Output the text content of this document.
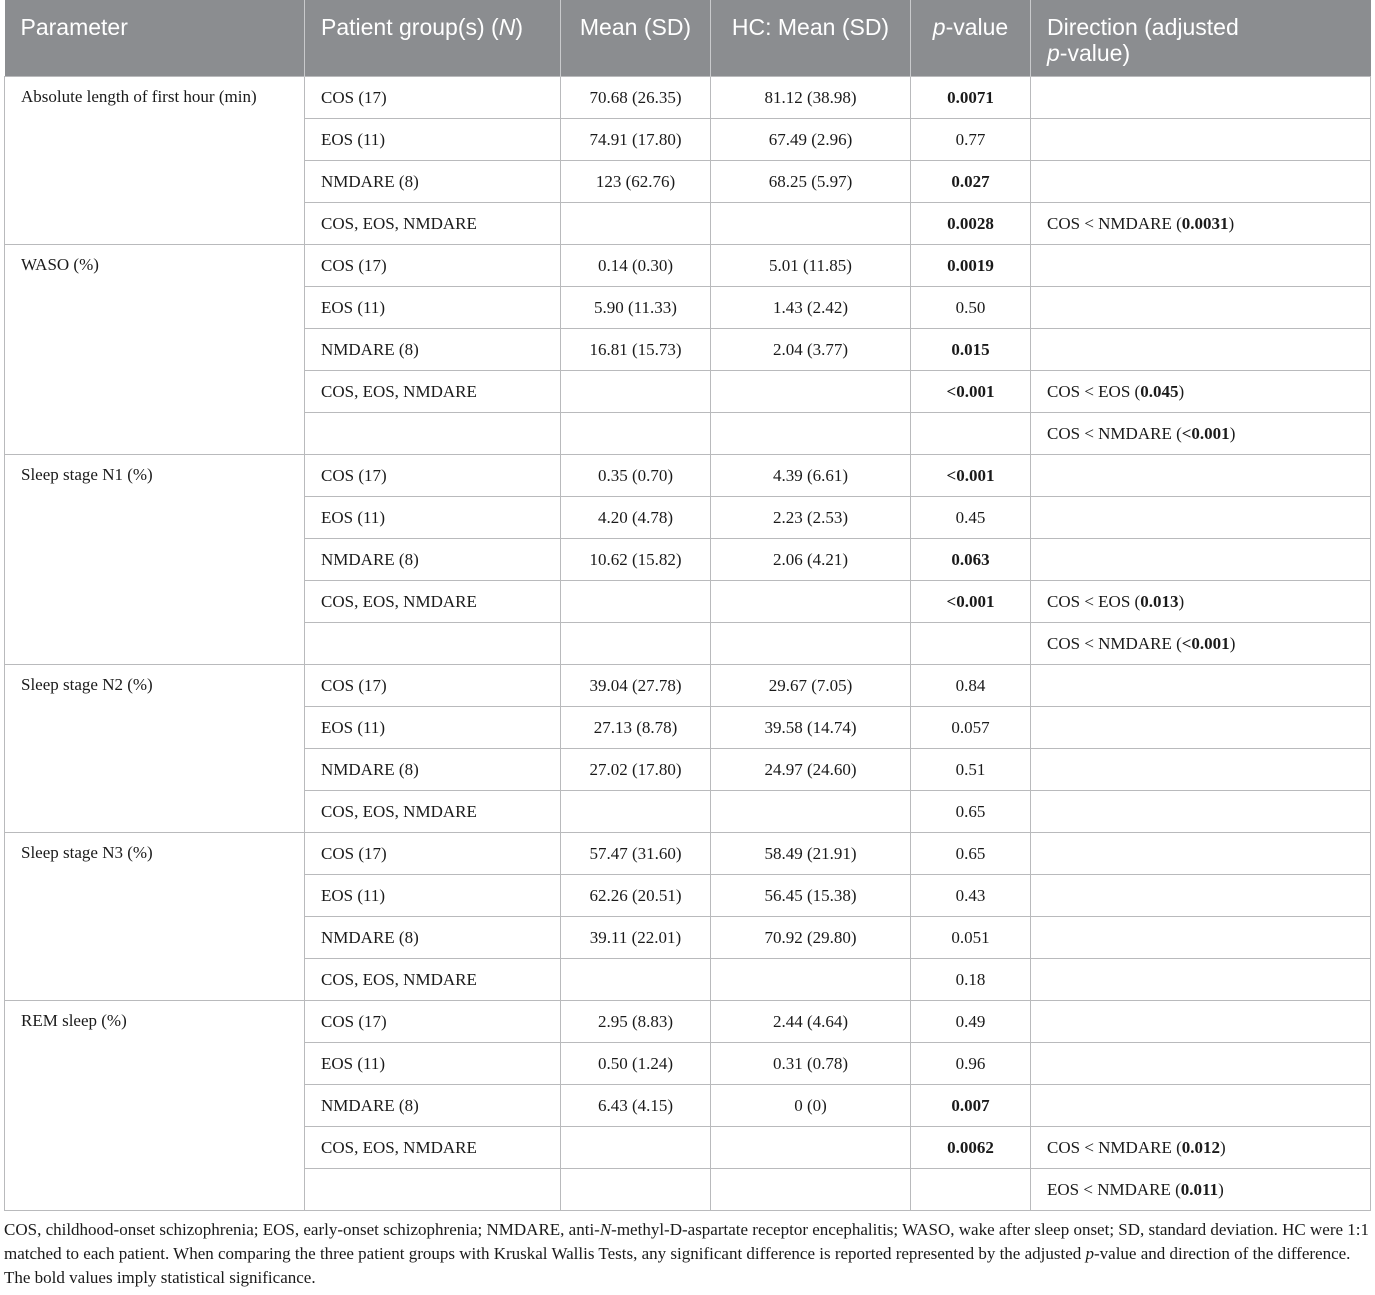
Parameter	Patient group(s) (N)	Mean (SD)	HC: Mean (SD)	p-value	Direction (adjusted
p-value)
Absolute length of first hour (min)	COS (17)	70.68 (26.35)	81.12 (38.98)	0.0071	
	EOS (11)	74.91 (17.80)	67.49 (2.96)	0.77	
	NMDARE (8)	123 (62.76)	68.25 (5.97)	0.027	
	COS, EOS, NMDARE			0.0028	COS < NMDARE (0.0031)
WASO (%)	COS (17)	0.14 (0.30)	5.01 (11.85)	0.0019	
	EOS (11)	5.90 (11.33)	1.43 (2.42)	0.50	
	NMDARE (8)	16.81 (15.73)	2.04 (3.77)	0.015	
	COS, EOS, NMDARE			<0.001	COS < EOS (0.045)
					COS < NMDARE (<0.001)
Sleep stage N1 (%)	COS (17)	0.35 (0.70)	4.39 (6.61)	<0.001	
	EOS (11)	4.20 (4.78)	2.23 (2.53)	0.45	
	NMDARE (8)	10.62 (15.82)	2.06 (4.21)	0.063	
	COS, EOS, NMDARE			<0.001	COS < EOS (0.013)
					COS < NMDARE (<0.001)
Sleep stage N2 (%)	COS (17)	39.04 (27.78)	29.67 (7.05)	0.84	
	EOS (11)	27.13 (8.78)	39.58 (14.74)	0.057	
	NMDARE (8)	27.02 (17.80)	24.97 (24.60)	0.51	
	COS, EOS, NMDARE			0.65	
Sleep stage N3 (%)	COS (17)	57.47 (31.60)	58.49 (21.91)	0.65	
	EOS (11)	62.26 (20.51)	56.45 (15.38)	0.43	
	NMDARE (8)	39.11 (22.01)	70.92 (29.80)	0.051	
	COS, EOS, NMDARE			0.18	
REM sleep (%)	COS (17)	2.95 (8.83)	2.44 (4.64)	0.49	
	EOS (11)	0.50 (1.24)	0.31 (0.78)	0.96	
	NMDARE (8)	6.43 (4.15)	0 (0)	0.007	
	COS, EOS, NMDARE			0.0062	COS < NMDARE (0.012)
					EOS < NMDARE (0.011)
COS, childhood-onset schizophrenia; EOS, early-onset schizophrenia; NMDARE, anti-N-methyl-D-aspartate receptor encephalitis; WASO, wake after sleep onset; SD, standard deviation. HC were 1:1 matched to each patient. When comparing the three patient groups with Kruskal Wallis Tests, any significant difference is reported represented by the adjusted p-value and direction of the difference. The bold values imply statistical significance.
